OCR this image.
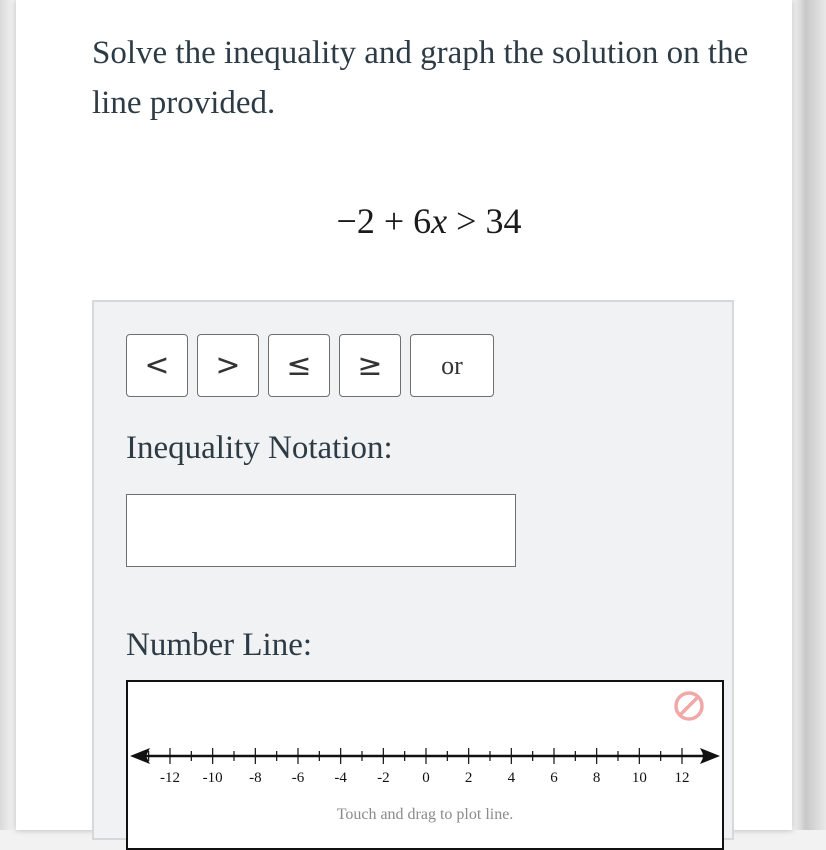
Solve the inequality and graph the solution on the line provided.
−2 + 6x > 34
<	>	≤	≥	or
Inequality Notation:
Number Line:
-12 -10 -8 -6 -4 -2 0 2 4 6 8 10 12
Touch and drag to plot line.
